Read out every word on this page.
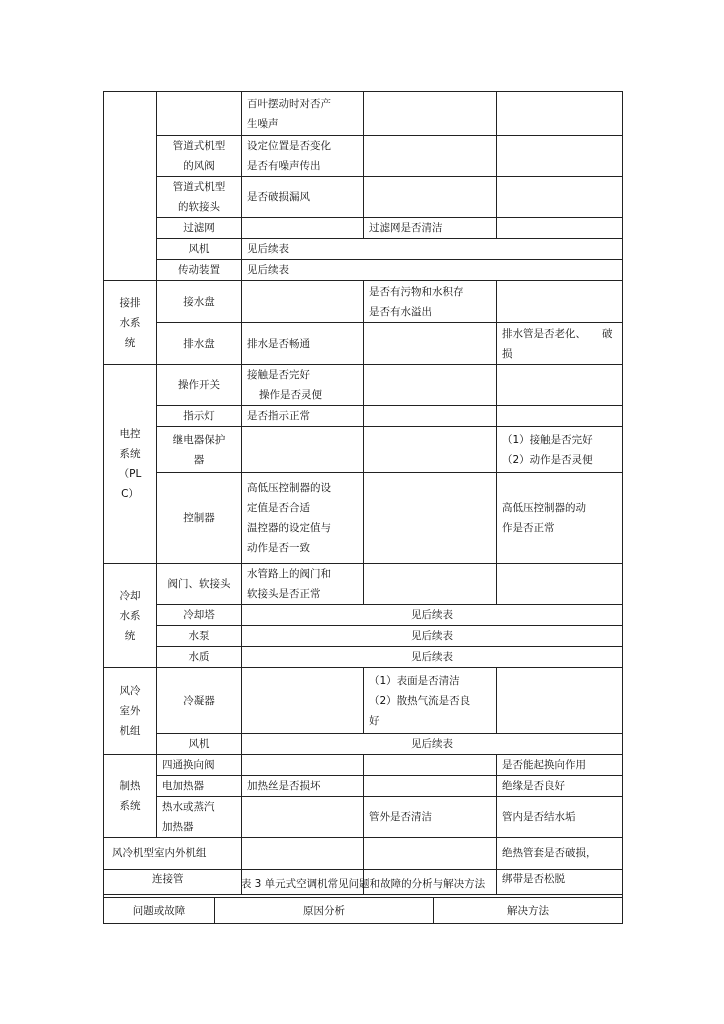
		百叶摆动时对否产
生噪声		

	管道式机型
的风阀	设定位置是否变化
是否有噪声传出		

	管道式机型
的软接头	是否破损漏风		
	过滤网		过滤网是否清洁	
	风机	见后续表		
	传动装置	见后续表		

接排
水系
统	接水盘		是否有污物和水积存
是否有水溢出	

	排水盘	排水是否畅通		排水管是否老化、 破
损

电控
系统
（PL
C）	操作开关	接触是否完好
操作是否灵便		

	指示灯	是否指示正常		

	继电器保护
器			（1）接触是否完好
（2）动作是否灵便

	控制器	高低压控制器的设
定值是否合适
温控器的设定值与
动作是否一致		高低压控制器的动
作是否正常

冷却
水系
统	阀门、软接头	水管路上的阀门和
软接头是否正常		

	冷却塔	见后续表		
	水泵	见后续表		
	水质	见后续表		

风冷
室外
机组	冷凝器		（1）表面是否清洁
（2）散热气流是否良
好	

	风机	见后续表		

制热
系统	四通换向阀			是否能起换向作用
	电加热器	加热丝是否损坏		绝缘是否良好

	热水或蒸汽
加热器		管外是否清洁	管内是否结水垢

风冷机型室内外机组
连接管				绝热管套是否破损，
绑带是否松脱
表 3 单元式空调机常见问题和故障的分析与解决方法
问题或故障	原因分析	解决方法
